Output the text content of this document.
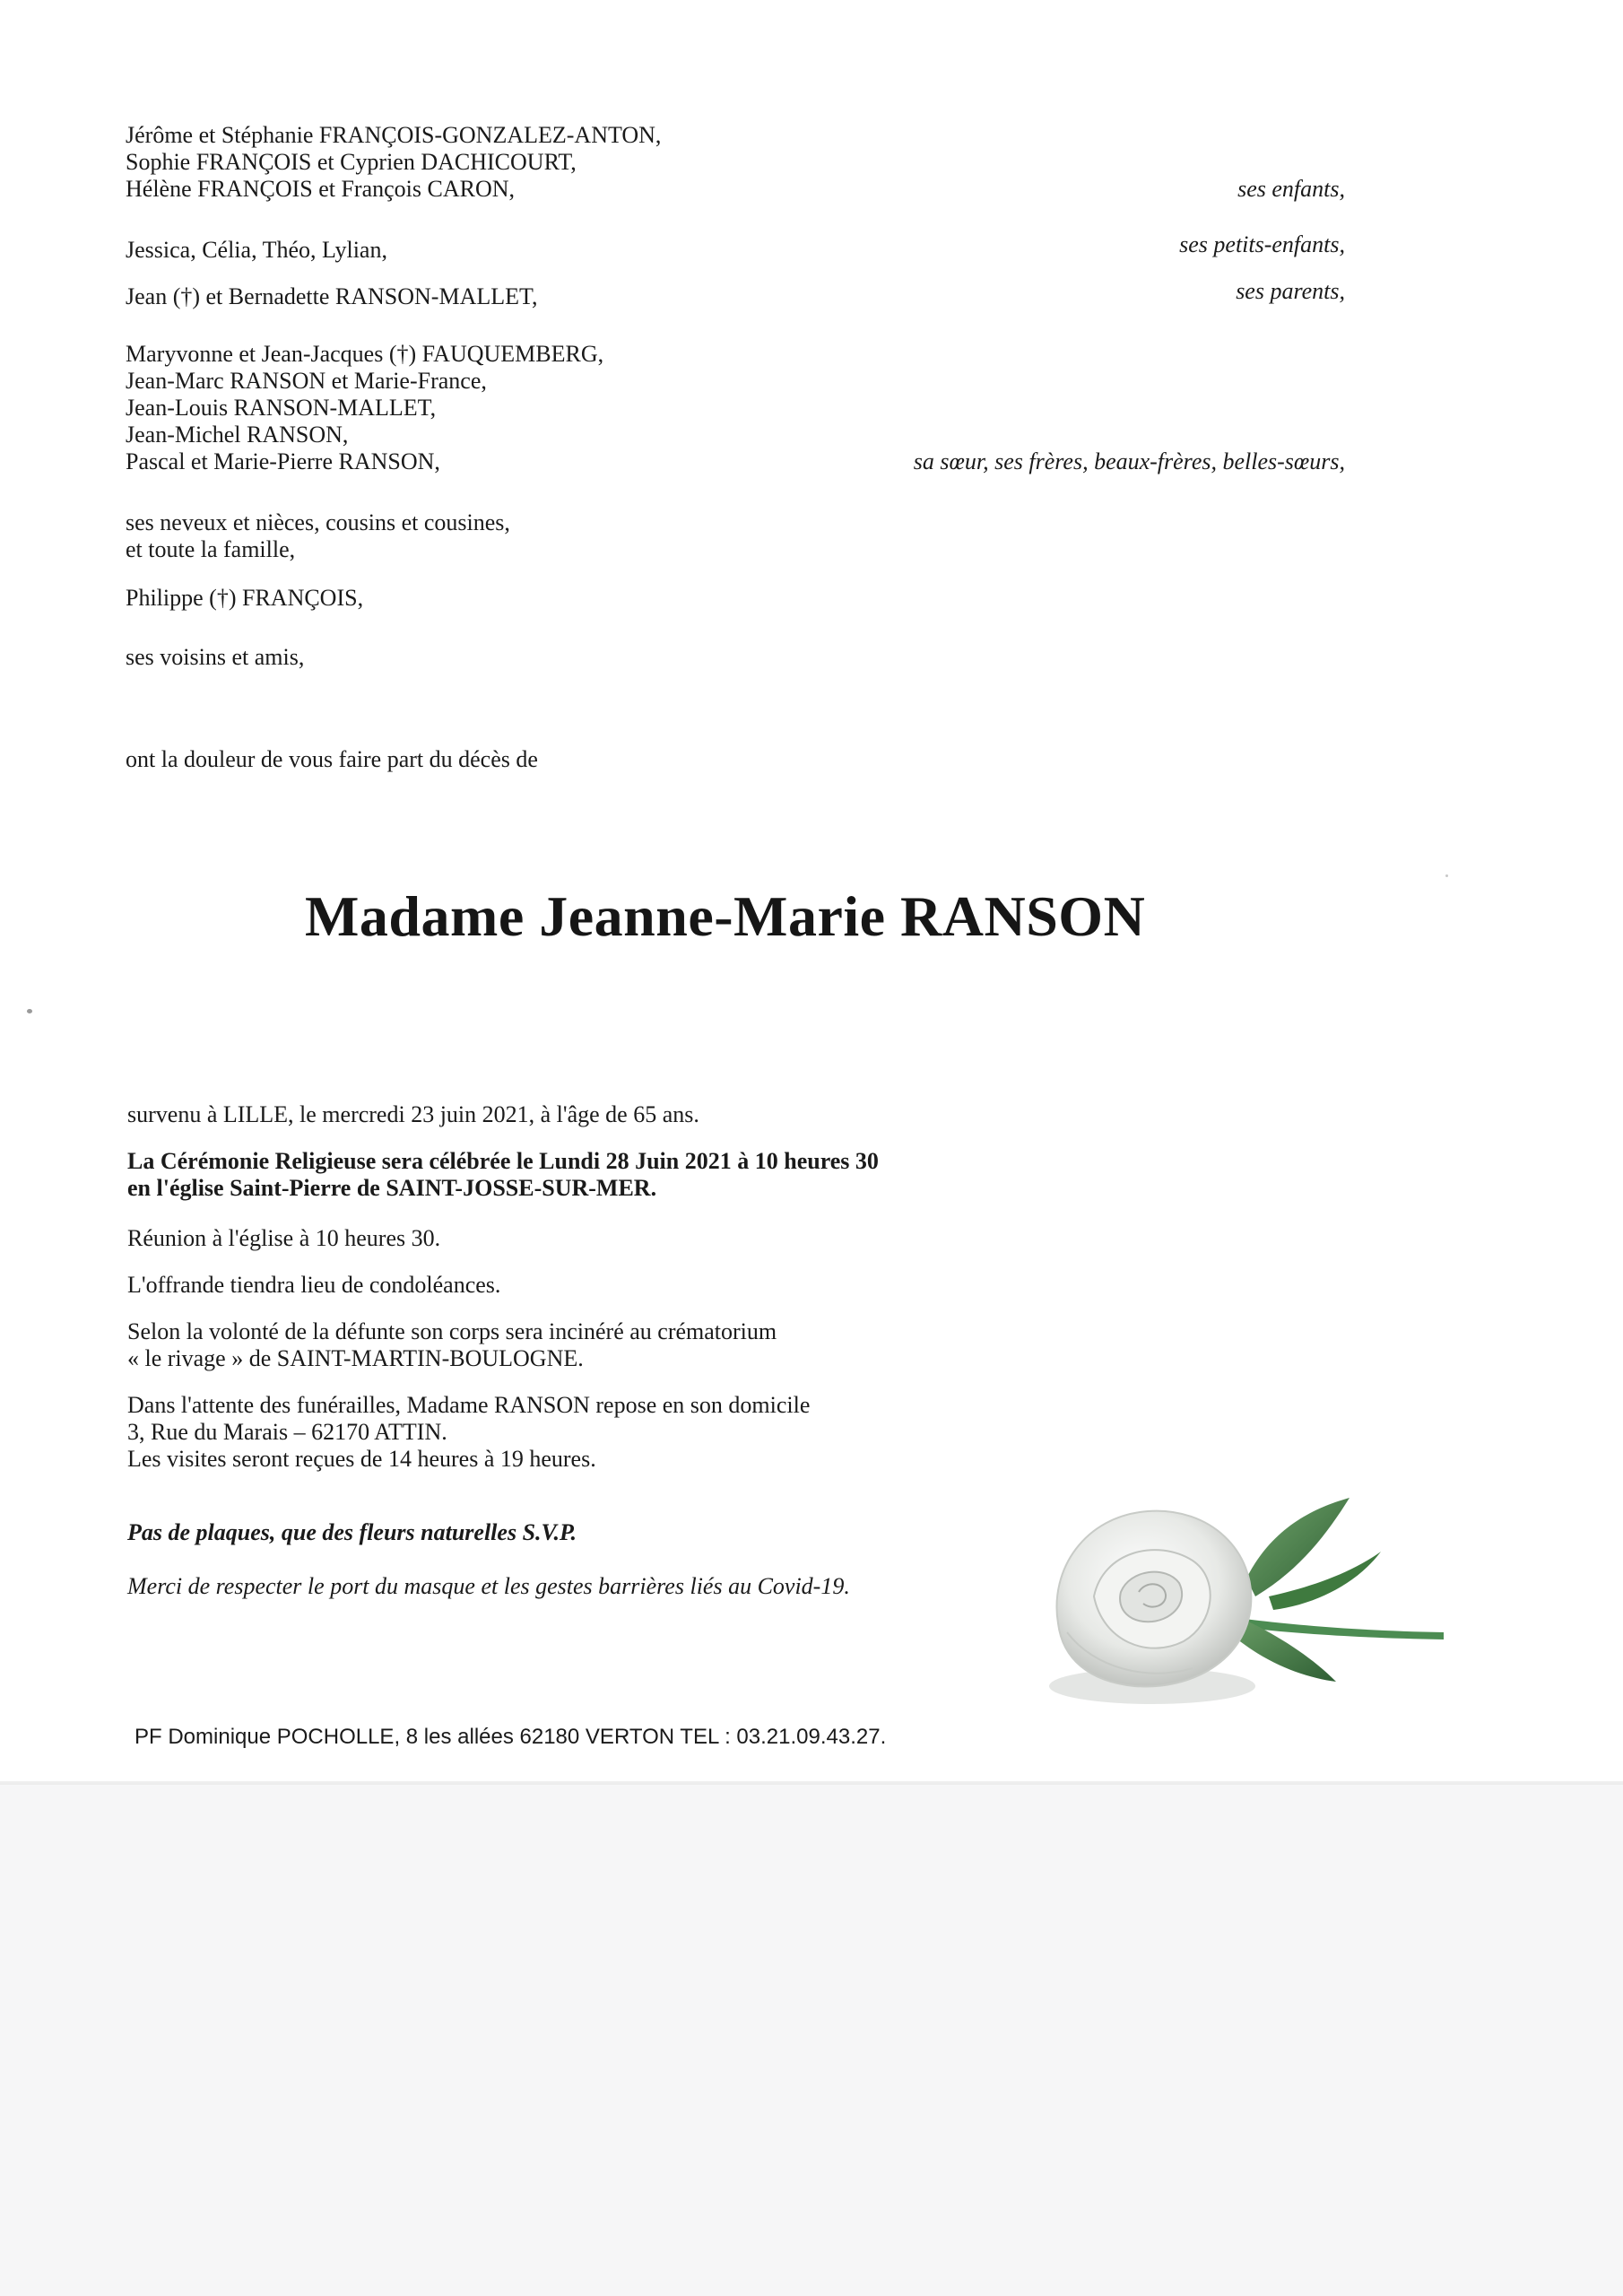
Jérôme et Stéphanie FRANÇOIS-GONZALEZ-ANTON,
Sophie FRANÇOIS et Cyprien DACHICOURT,
Hélène FRANÇOIS et François CARON,	ses enfants,
Jessica, Célia, Théo, Lylian,	ses petits-enfants,
Jean (†) et Bernadette RANSON-MALLET,	ses parents,
Maryvonne et Jean-Jacques (†) FAUQUEMBERG,
Jean-Marc RANSON et Marie-France,
Jean-Louis RANSON-MALLET,
Jean-Michel RANSON,
Pascal et Marie-Pierre RANSON,	sa sœur, ses frères, beaux-frères, belles-sœurs,
ses neveux et nièces, cousins et cousines,
et toute la famille,
Philippe (†) FRANÇOIS,
ses voisins et amis,
ont la douleur de vous faire part du décès de
Madame Jeanne-Marie RANSON
survenu à LILLE, le mercredi 23 juin 2021, à l'âge de 65 ans.
La Cérémonie Religieuse sera célébrée le Lundi 28 Juin 2021 à 10 heures 30
en l'église Saint-Pierre de SAINT-JOSSE-SUR-MER.
Réunion à l'église à 10 heures 30.
L'offrande tiendra lieu de condoléances.
Selon la volonté de la défunte son corps sera incinéré au crématorium
« le rivage » de SAINT-MARTIN-BOULOGNE.
Dans l'attente des funérailles, Madame RANSON repose en son domicile
3, Rue du Marais – 62170 ATTIN.
Les visites seront reçues de 14 heures à 19 heures.
Pas de plaques, que des fleurs naturelles S.V.P.
Merci de respecter le port du masque et les gestes barrières liés au Covid-19.
PF Dominique POCHOLLE, 8 les allées 62180 VERTON TEL : 03.21.09.43.27.
